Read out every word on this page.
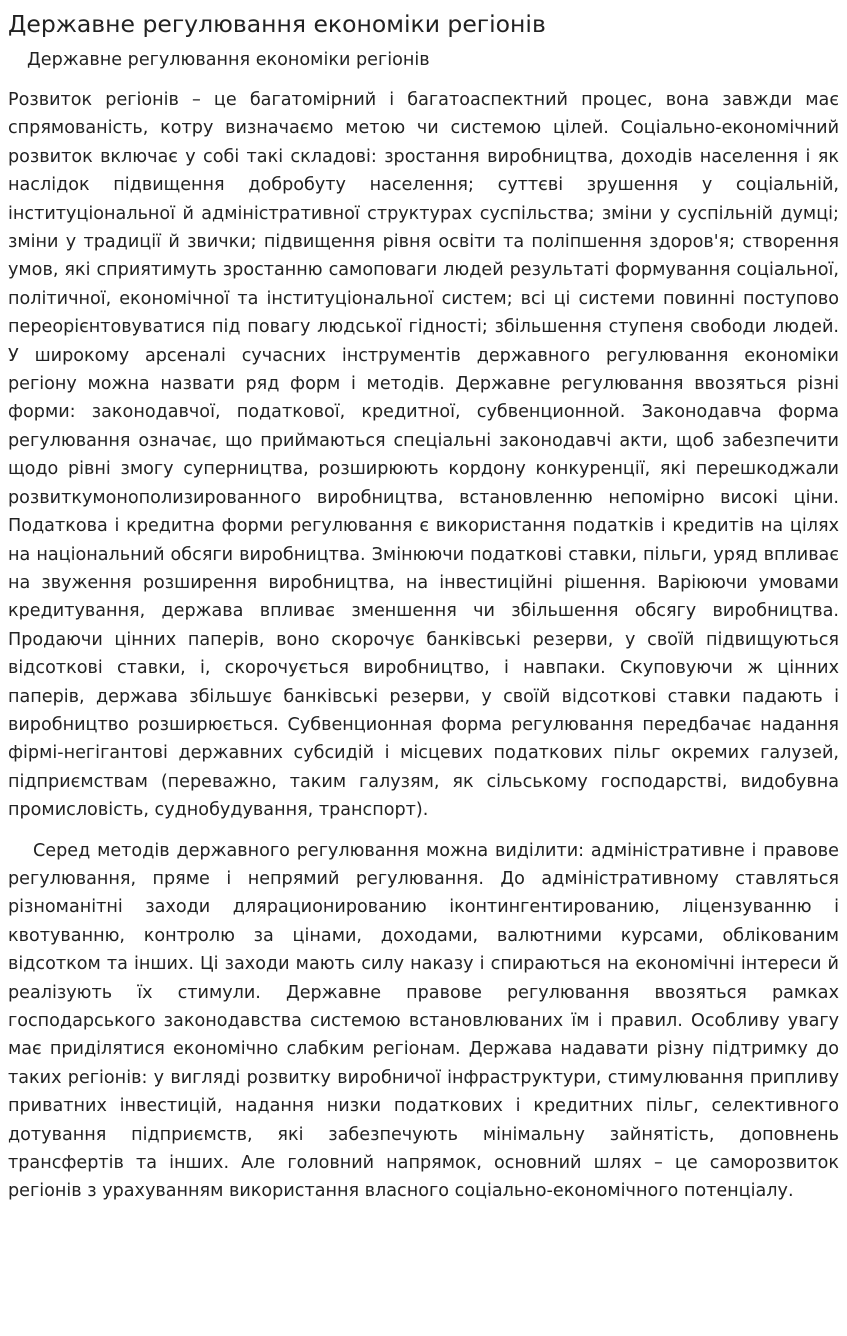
Державне регулювання економіки регіонів
Державне регулювання економіки регіонів

Розвиток регіонів – це багатомірний і багатоаспектний процес, вона завжди має спрямованість, котру визначаємо метою чи системою цілей. Соціально-економічний розвиток включає у собі такі складові: зростання виробництва, доходів населення і як наслідок підвищення добробуту населення; суттєві зрушення у соціальній, інституціональної й адміністративної структурах суспільства; зміни у суспільній думці; зміни у традиції й звички; підвищення рівня освіти та поліпшення здоров'я; створення умов, які сприятимуть зростанню самоповаги людей результаті формування соціальної, політичної, економічної та інституціональної систем; всі ці системи повинні поступово переорієнтовуватися під повагу людської гідності; збільшення ступеня свободи людей. У широкому арсеналі сучасних інструментів державного регулювання економіки регіону можна назвати ряд форм і методів. Державне регулювання ввозяться різні форми: законодавчої, податкової, кредитної, субвенционной. Законодавча форма регулювання означає, що приймаються спеціальні законодавчі акти, щоб забезпечити щодо рівні змогу суперництва, розширюють кордону конкуренції, які перешкоджали розвиткумонополизированного виробництва, встановленню непомірно високі ціни. Податкова і кредитна форми регулювання є використання податків і кредитів на цілях на національний обсяги виробництва. Змінюючи податкові ставки, пільги, уряд впливає на звуження розширення виробництва, на інвестиційні рішення. Варіюючи умовами кредитування, держава впливає зменшення чи збільшення обсягу виробництва. Продаючи цінних паперів, воно скорочує банківські резерви, у своїй підвищуються відсоткові ставки, і, скорочується виробництво, і навпаки. Скуповуючи ж цінних паперів, держава збільшує банківські резерви, у своїй відсоткові ставки падають і виробництво розширюється. Субвенционная форма регулювання передбачає надання фірмі-негігантові державних субсидій і місцевих податкових пільг окремих галузей, підприємствам (переважно, таким галузям, як сільському господарстві, видобувна промисловість, суднобудування, транспорт).

Серед методів державного регулювання можна виділити: адміністративне і правове регулювання, пряме і непрямий регулювання. До адміністративному ставляться різноманітні заходи длярационированию іконтингентированию, ліцензуванню і квотуванню, контролю за цінами, доходами, валютними курсами, облікованим відсотком та інших. Ці заходи мають силу наказу і спираються на економічні інтереси й реалізують їх стимули. Державне правове регулювання ввозяться рамках господарського законодавства системою встановлюваних їм і правил. Особливу увагу має приділятися економічно слабким регіонам. Держава надавати різну підтримку до таких регіонів: у вигляді розвитку виробничої інфраструктури, стимулювання припливу приватних інвестицій, надання низки податкових і кредитних пільг, селективного дотування підприємств, які забезпечують мінімальну зайнятість, доповнень трансфертів та інших. Але головний напрямок, основний шлях – це саморозвиток регіонів з урахуванням використання власного соціально-економічного потенціалу.
